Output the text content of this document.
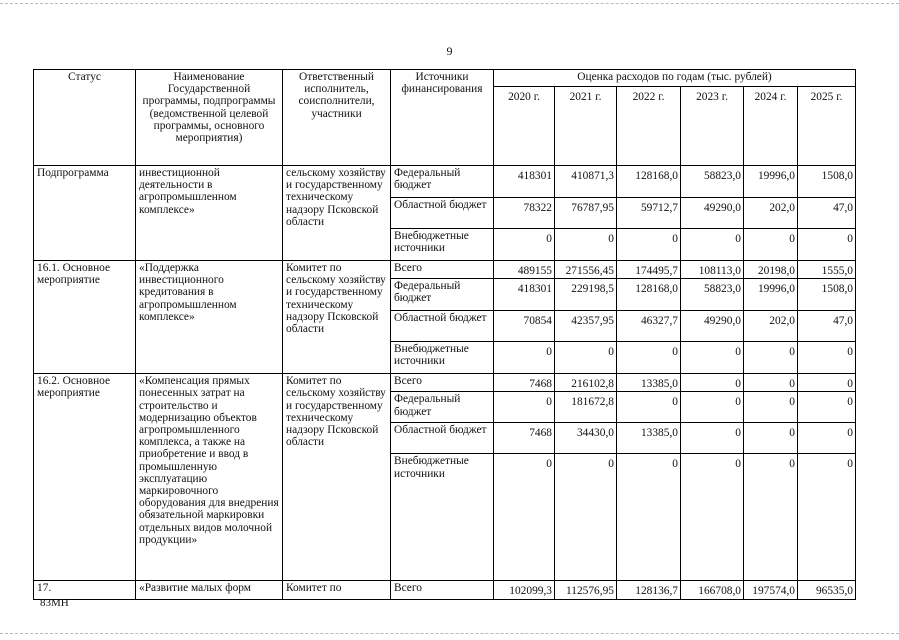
9
Статус	Наименование Государственной программы, подпрограммы (ведомственной целевой программы, основного мероприятия)	Ответственный исполнитель, соисполнители, участники	Источники финансирования	Оценка расходов по годам (тыс. рублей)					
				2020 г.	2021 г.	2022 г.	2023 г.	2024 г.	2025 г.
Подпрограмма	инвестиционной деятельности в агропромышленном комплексе»	сельскому хозяйству и государственному техническому надзору Псковской области	Федеральный бюджет	418301	410871,3	128168,0	58823,0	19996,0	1508,0
			Областной бюджет	78322	76787,95	59712,7	49290,0	202,0	47,0
			Внебюджетные источники	0	0	0	0	0	0
16.1. Основное мероприятие	«Поддержка инвестиционного кредитования в агропромышленном комплексе»	Комитет по сельскому хозяйству и государственному техническому надзору Псковской области	Всего	489155	271556,45	174495,7	108113,0	20198,0	1555,0
			Федеральный бюджет	418301	229198,5	128168,0	58823,0	19996,0	1508,0
			Областной бюджет	70854	42357,95	46327,7	49290,0	202,0	47,0
			Внебюджетные источники	0	0	0	0	0	0
16.2. Основное мероприятие	«Компенсация прямых понесенных затрат на строительство и модернизацию объектов агропромышленного комплекса, а также на приобретение и ввод в промышленную эксплуатацию маркировочного оборудования для внедрения обязательной маркировки отдельных видов молочной продукции»	Комитет по сельскому хозяйству и государственному техническому надзору Псковской области	Всего	7468	216102,8	13385,0	0	0	0
			Федеральный бюджет	0	181672,8	0	0	0	0
			Областной бюджет	7468	34430,0	13385,0	0	0	0
			Внебюджетные источники	0	0	0	0	0	0
17.	«Развитие малых форм	Комитет по	Всего	102099,3	112576,95	128136,7	166708,0	197574,0	96535,0
83МН
